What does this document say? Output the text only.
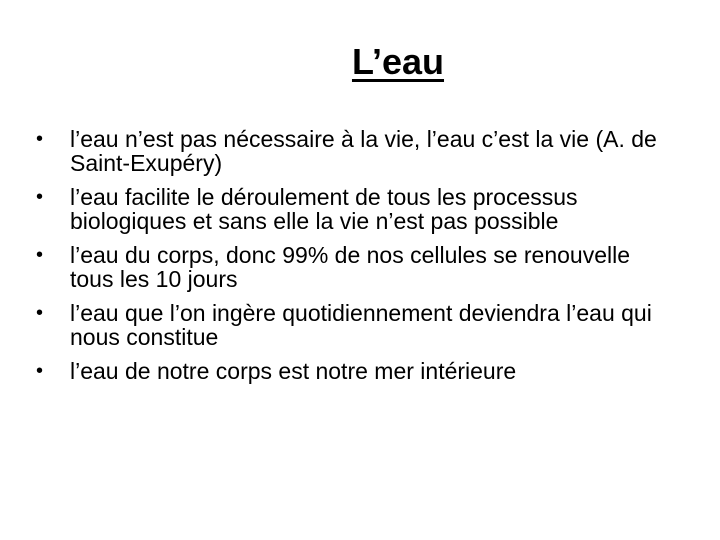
L’eau
•	l’eau n’est pas nécessaire à la vie, l’eau c’est la vie (A. de Saint-Exupéry)
•	l’eau facilite le déroulement de tous les processus biologiques et sans elle la vie n’est pas possible
•	l’eau du corps, donc 99% de nos cellules se renouvelle tous les 10 jours
•	l’eau que l’on ingère quotidiennement deviendra l’eau qui nous constitue
•	l’eau de notre corps est notre mer intérieure
